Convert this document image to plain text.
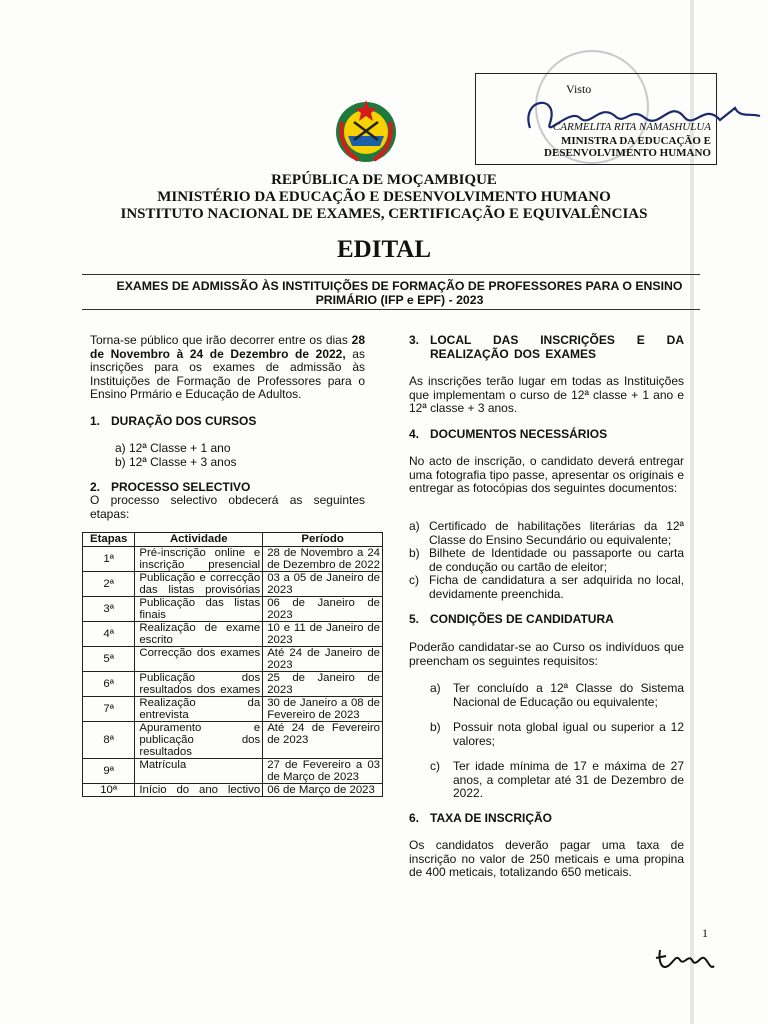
Visto
CARMELITA RITA NAMASHULUA
MINISTRA DA EDUCAÇÃO E
DESENVOLVIMENTO HUMANO
REPÚBLICA DE MOÇAMBIQUE
MINISTÉRIO DA EDUCAÇÃO E DESENVOLVIMENTO HUMANO
INSTITUTO NACIONAL DE EXAMES, CERTIFICAÇÃO E EQUIVALÊNCIAS
EDITAL
EXAMES DE ADMISSÃO ÀS INSTITUIÇÕES DE FORMAÇÃO DE PROFESSORES PARA O ENSINO
PRIMÁRIO (IFP e EPF) - 2023
Torna-se público que irão decorrer entre os dias 28 de Novembro à 24 de Dezembro de 2022, as inscrições para os exames de admissão às Instituições de Formação de Professores para o Ensino Prmário e Educação de Adultos.
1. DURAÇÃO DOS CURSOS
a) 12ª Classe + 1 ano
b) 12ª Classe + 3 anos
2. PROCESSO SELECTIVO
O processo selectivo obdecerá as seguintes etapas:
Etapas	Actividade	Período
1ª	Pré-inscrição online e inscrição presencial	28 de Novembro a 24 de Dezembro de 2022
2ª	Publicação e correcção das listas provisórias	03 a 05 de Janeiro de 2023
3ª	Publicação das listas finais	06 de Janeiro de 2023
4ª	Realização de exame escrito	10 e 11 de Janeiro de 2023
5ª	Correcção dos exames	Até 24 de Janeiro de 2023
6ª	Publicação dos resultados dos exames	25 de Janeiro de 2023
7ª	Realização da entrevista	30 de Janeiro a 08 de Fevereiro de 2023
8ª	Apuramento e publicação dos resultados	Até 24 de Fevereiro de 2023
9ª	Matrícula	27 de Fevereiro a 03 de Março de 2023
10ª	Início do ano lectivo	06 de Março de 2023
3. LOCAL DAS INSCRIÇÕES E DA REALIZAÇÃO DOS EXAMES
As inscrições terão lugar em todas as Instituições que implementam o curso de 12ª classe + 1 ano e 12ª classe + 3 anos.
4. DOCUMENTOS NECESSÁRIOS
No acto de inscrição, o candidato deverá entregar uma fotografia tipo passe, apresentar os originais e entregar as fotocópias dos seguintes documentos:
a) Certificado de habilitações literárias da 12ª Classe do Ensino Secundário ou equivalente;
b) Bilhete de Identidade ou passaporte ou carta de condução ou cartão de eleitor;
c) Ficha de candidatura a ser adquirida no local, devidamente preenchida.
5. CONDIÇÕES DE CANDIDATURA
Poderão candidatar-se ao Curso os indivíduos que preencham os seguintes requisitos:
a)	Ter concluído a 12ª Classe do Sistema Nacional de Educação ou equivalente;
b)	Possuir nota global igual ou superior a 12 valores;
c)	Ter idade mínima de 17 e máxima de 27 anos, a completar até 31 de Dezembro de 2022.
6. TAXA DE INSCRIÇÃO
Os candidatos deverão pagar uma taxa de inscrição no valor de 250 meticais e uma propina de 400 meticais, totalizando 650 meticais.
1
